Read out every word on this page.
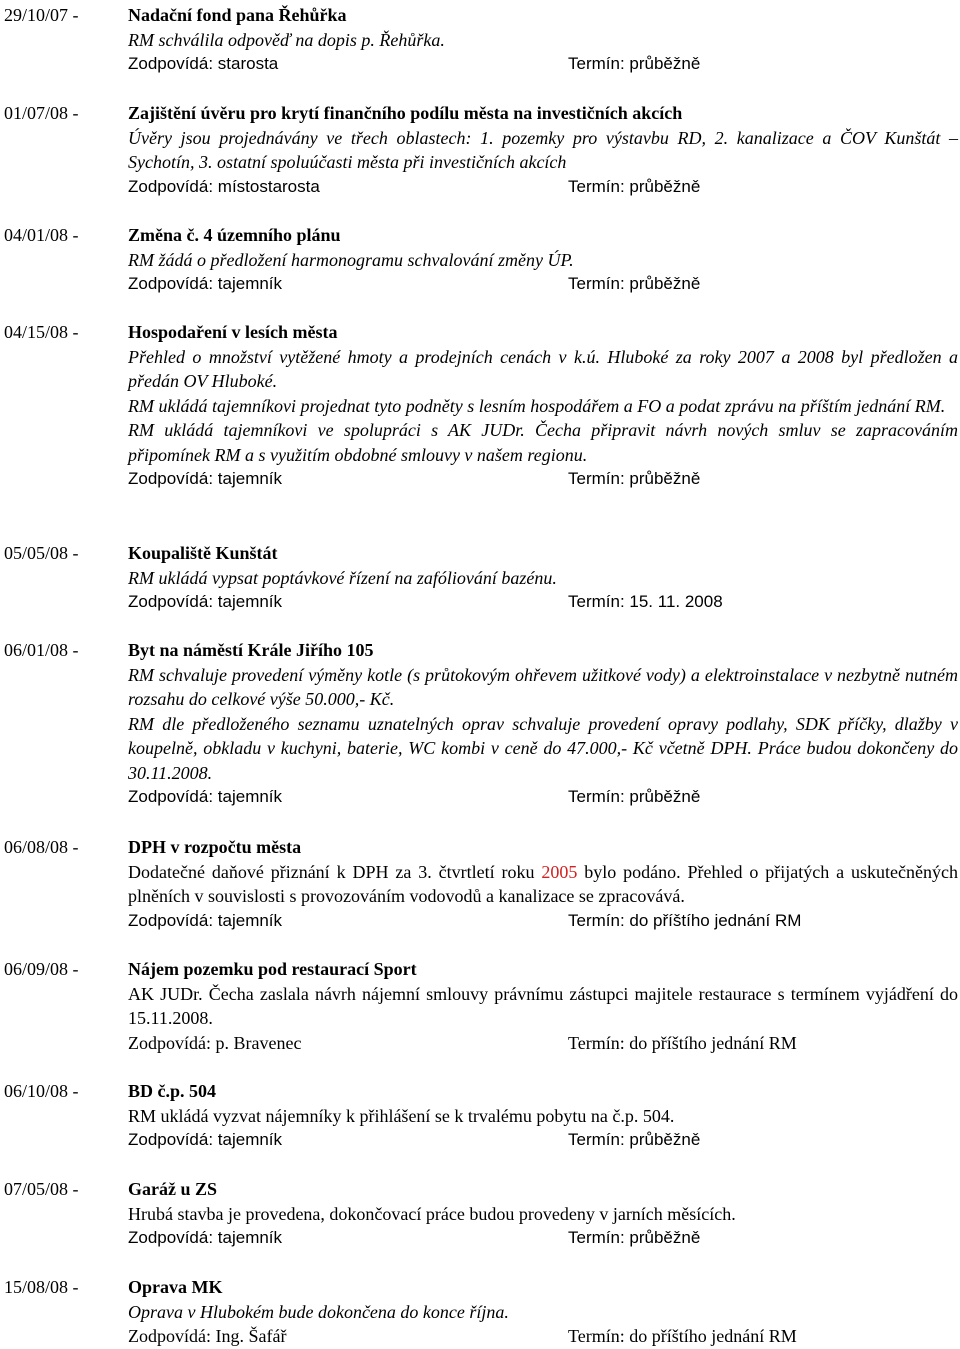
29/10/07 -	Nadační fond pana Řehůřka
RM schválila odpověď na dopis p. Řehůřka.
Zodpovídá: starosta	Termín: průběžně
01/07/08 -	Zajištění úvěru pro krytí finančního podílu města na investičních akcích
Úvěry jsou projednávány ve třech oblastech: 1. pozemky pro výstavbu RD, 2. kanalizace a ČOV Kunštát – Sychotín, 3. ostatní spoluúčasti města při investičních akcích
Zodpovídá: místostarosta	Termín: průběžně
04/01/08 -	Změna č. 4 územního plánu
RM žádá o předložení harmonogramu schvalování změny ÚP.
Zodpovídá: tajemník	Termín: průběžně
04/15/08 -	Hospodaření v lesích města
Přehled o množství vytěžené hmoty a prodejních cenách v k.ú. Hluboké za roky 2007 a 2008 byl předložen a předán OV Hluboké.
RM ukládá tajemníkovi projednat tyto podněty s lesním hospodářem a FO a podat zprávu na příštím jednání RM.
RM ukládá tajemníkovi ve spolupráci s AK JUDr. Čecha připravit návrh nových smluv se zapracováním připomínek RM a s využitím obdobné smlouvy v našem regionu.
Zodpovídá: tajemník	Termín: průběžně
05/05/08 -	Koupaliště Kunštát
RM ukládá vypsat poptávkové řízení na zafóliování bazénu.
Zodpovídá: tajemník	Termín: 15. 11. 2008
06/01/08 -	Byt na náměstí Krále Jiřího 105
RM schvaluje provedení výměny kotle (s průtokovým ohřevem užitkové vody) a elektroinstalace v nezbytně nutném rozsahu do celkové výše 50.000,- Kč.
RM dle předloženého seznamu uznatelných oprav schvaluje provedení opravy podlahy, SDK příčky, dlažby v koupelně, obkladu v kuchyni, baterie, WC kombi v ceně do 47.000,- Kč včetně DPH. Práce budou dokončeny do 30.11.2008.
Zodpovídá: tajemník	Termín: průběžně
06/08/08 -	DPH v rozpočtu města
Dodatečné daňové přiznání k DPH za 3. čtvrtletí roku 2005 bylo podáno. Přehled o přijatých a uskutečněných plněních v souvislosti s provozováním vodovodů a kanalizace se zpracovává.
Zodpovídá: tajemník	Termín: do příštího jednání RM
06/09/08 -	Nájem pozemku pod restaurací Sport
AK JUDr. Čecha zaslala návrh nájemní smlouvy právnímu zástupci majitele restaurace s termínem vyjádření do 15.11.2008.
Zodpovídá: p. Bravenec	Termín: do příštího jednání RM
06/10/08 -	BD č.p. 504
RM ukládá vyzvat nájemníky k přihlášení se k trvalému pobytu na č.p. 504.
Zodpovídá: tajemník	Termín: průběžně
07/05/08 -	Garáž u ZS
Hrubá stavba je provedena, dokončovací práce budou provedeny v jarních měsících.
Zodpovídá: tajemník	Termín: průběžně
15/08/08 -	Oprava MK
Oprava v Hlubokém bude dokončena do konce října.
Zodpovídá: Ing. Šafář	Termín: do příštího jednání RM
